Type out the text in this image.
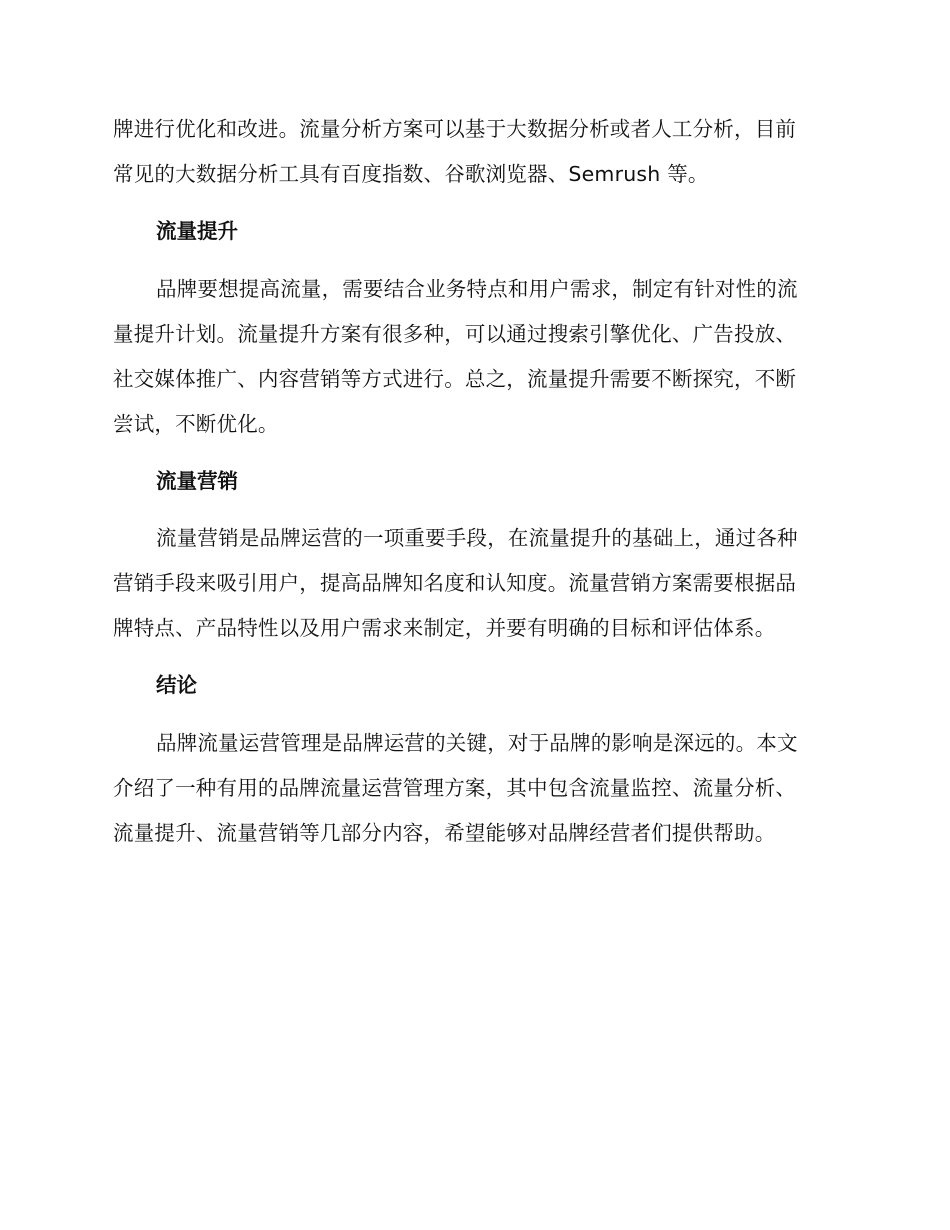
牌进行优化和改进。流量分析方案可以基于大数据分析或者人工分析，目前
常见的大数据分析工具有百度指数、谷歌浏览器、Semrush 等。
流量提升
品牌要想提高流量，需要结合业务特点和用户需求，制定有针对性的流
量提升计划。流量提升方案有很多种，可以通过搜索引擎优化、广告投放、
社交媒体推广、内容营销等方式进行。总之，流量提升需要不断探究，不断
尝试，不断优化。
流量营销
流量营销是品牌运营的一项重要手段，在流量提升的基础上，通过各种
营销手段来吸引用户，提高品牌知名度和认知度。流量营销方案需要根据品
牌特点、产品特性以及用户需求来制定，并要有明确的目标和评估体系。
结论
品牌流量运营管理是品牌运营的关键，对于品牌的影响是深远的。本文
介绍了一种有用的品牌流量运营管理方案，其中包含流量监控、流量分析、
流量提升、流量营销等几部分内容，希望能够对品牌经营者们提供帮助。
